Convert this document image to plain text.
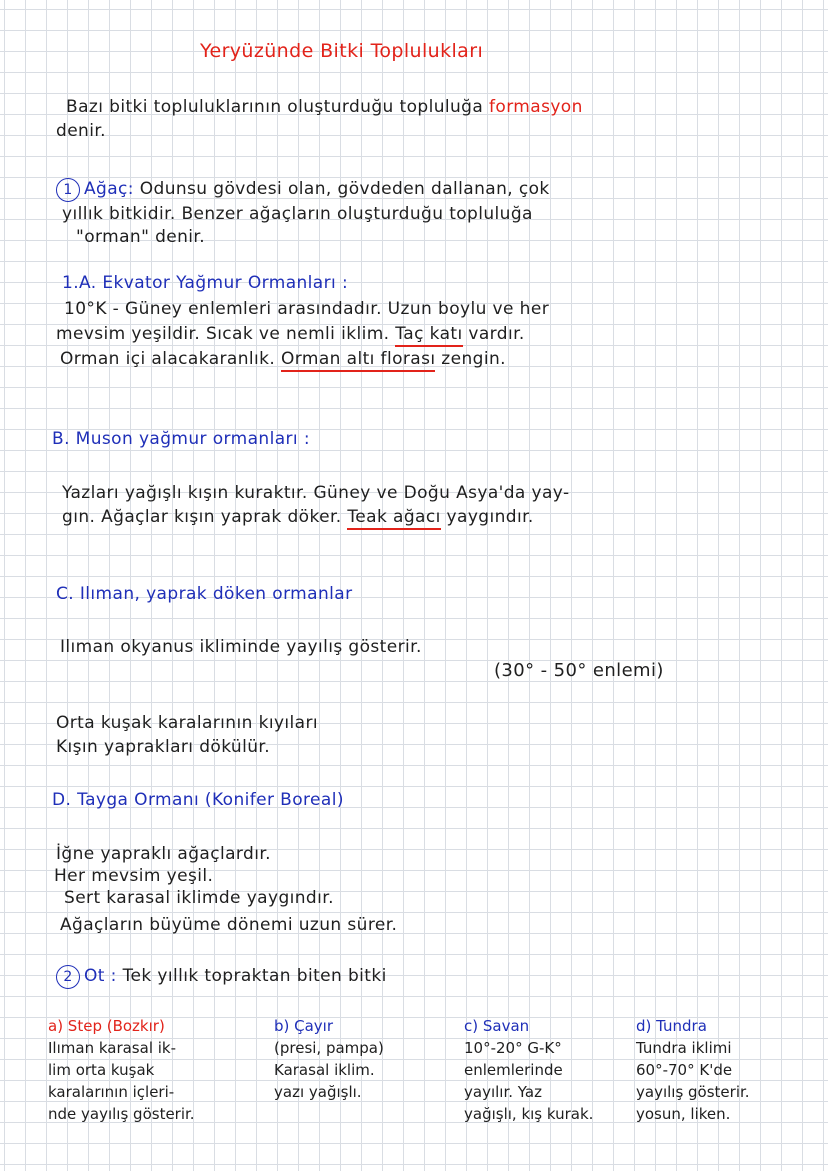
Yeryüzünde Bitki Toplulukları
Bazı bitki topluluklarının oluşturduğu topluluğa formasyon
denir.
1 Ağaç: Odunsu gövdesi olan, gövdeden dallanan, çok
yıllık bitkidir. Benzer ağaçların oluşturduğu topluluğa
"orman" denir.
1.A. Ekvator Yağmur Ormanları :
10°K - Güney enlemleri arasındadır. Uzun boylu ve her
mevsim yeşildir. Sıcak ve nemli iklim. Taç katı vardır.
Orman içi alacakaranlık. Orman altı florası zengin.
B. Muson yağmur ormanları :
Yazları yağışlı kışın kuraktır. Güney ve Doğu Asya'da yay-
gın. Ağaçlar kışın yaprak döker. Teak ağacı yaygındır.
C. Ilıman, yaprak döken ormanlar
Ilıman okyanus ikliminde yayılış gösterir.
(30° - 50° enlemi)
Orta kuşak karalarının kıyıları
Kışın yaprakları dökülür.
D. Tayga Ormanı (Konifer Boreal)
İğne yapraklı ağaçlardır.
Her mevsim yeşil.
Sert karasal iklimde yaygındır.
Ağaçların büyüme dönemi uzun sürer.
2 Ot : Tek yıllık topraktan biten bitki
a) Step (Bozkır)
Ilıman karasal ik-
lim orta kuşak
karalarının içleri-
nde yayılış gösterir.
b) Çayır
(presi, pampa)
Karasal iklim.
yazı yağışlı.
c) Savan
10°-20° G-K°
enlemlerinde
yayılır. Yaz
yağışlı, kış kurak.
d) Tundra
Tundra iklimi
60°-70° K'de
yayılış gösterir.
yosun, liken.
